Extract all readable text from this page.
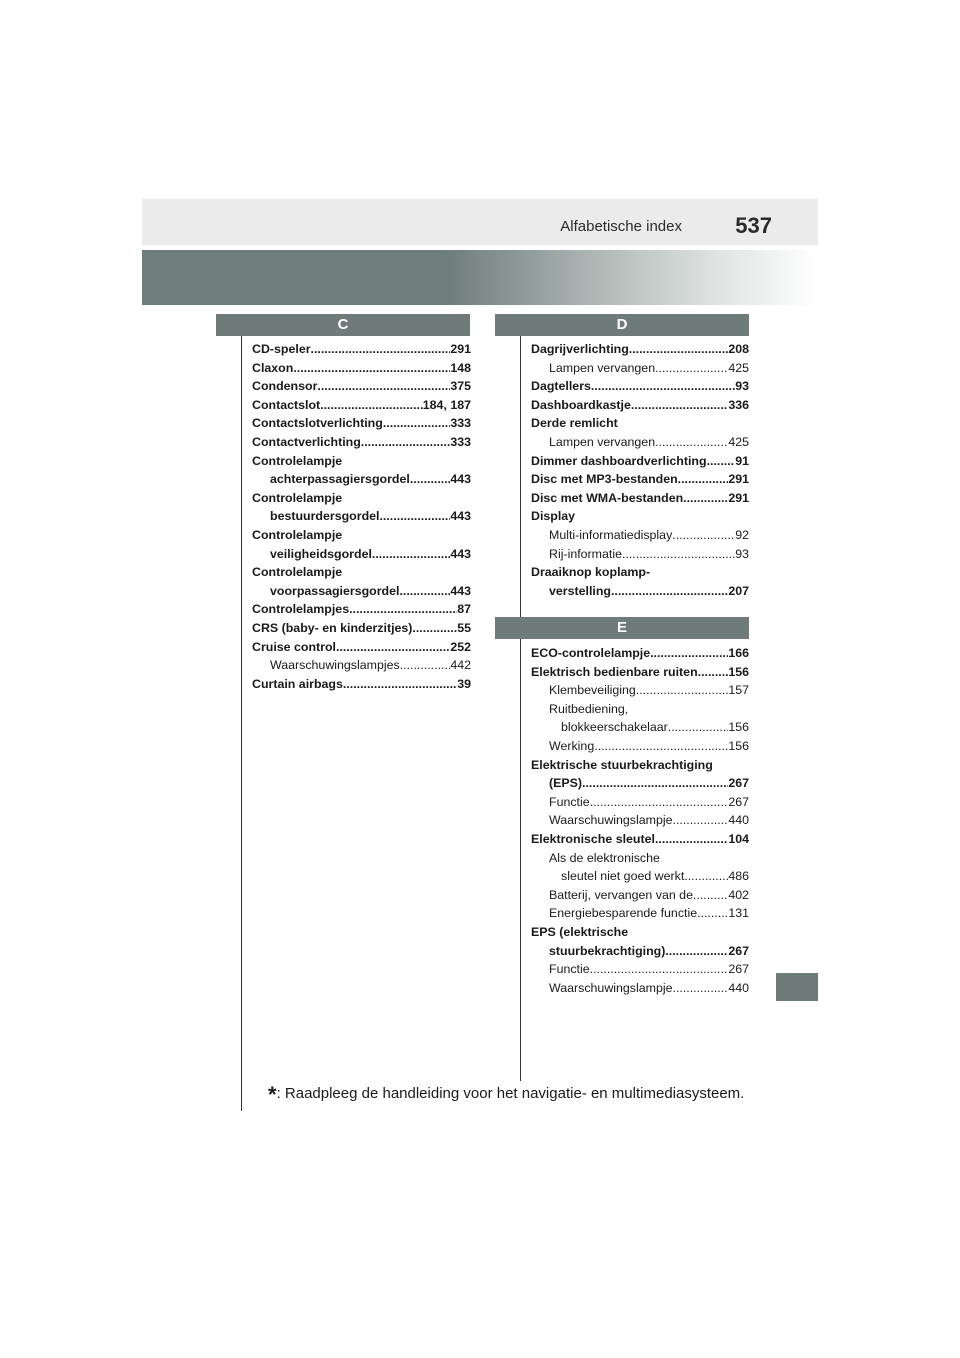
Alfabetische index 537
C	D
E
CD-speler .....	291
Claxon .....	148
Condensor .....	375
Contactslot .....	184, 187
Contactslotverlichting .....	333
Contactverlichting .....	333
Controlelampje
achterpassagiersgordel .....	443
Controlelampje
bestuurdersgordel .....	443
Controlelampje
veiligheidsgordel .....	443
Controlelampje
voorpassagiersgordel .....	443
Controlelampjes .....	87
CRS (baby- en kinderzitjes) .....	55
Cruise control .....	252
Waarschuwingslampjes .....	442
Curtain airbags .....	39
Dagrijverlichting .....	208
Lampen vervangen .....	425
Dagtellers .....	93
Dashboardkastje .....	336
Derde remlicht
Lampen vervangen .....	425
Dimmer dashboardverlichting ..... 91
Disc met MP3-bestanden .....	291
Disc met WMA-bestanden .....	291
Display
Multi-informatiedisplay .....	92
Rij-informatie .....	93
Draaiknop koplamp-
verstelling .....	207
ECO-controlelampje .....	166
Elektrisch bedienbare ruiten ..... 156
Klembeveiliging .....	157
Ruitbediening,
blokkeerschakelaar .....	156
Werking .....	156
Elektrische stuurbekrachtiging
(EPS) .....	267
Functie .....	267
Waarschuwingslampje .....	440
Elektronische sleutel .....	104
Als de elektronische
sleutel niet goed werkt .....	486
Batterij, vervangen van de .....	402
Energiebesparende functie .....	131
EPS (elektrische
stuurbekrachtiging) .....	267
Functie .....	267
Waarschuwingslampje .....	440
*: Raadpleeg de handleiding voor het navigatie- en multimediasysteem.
